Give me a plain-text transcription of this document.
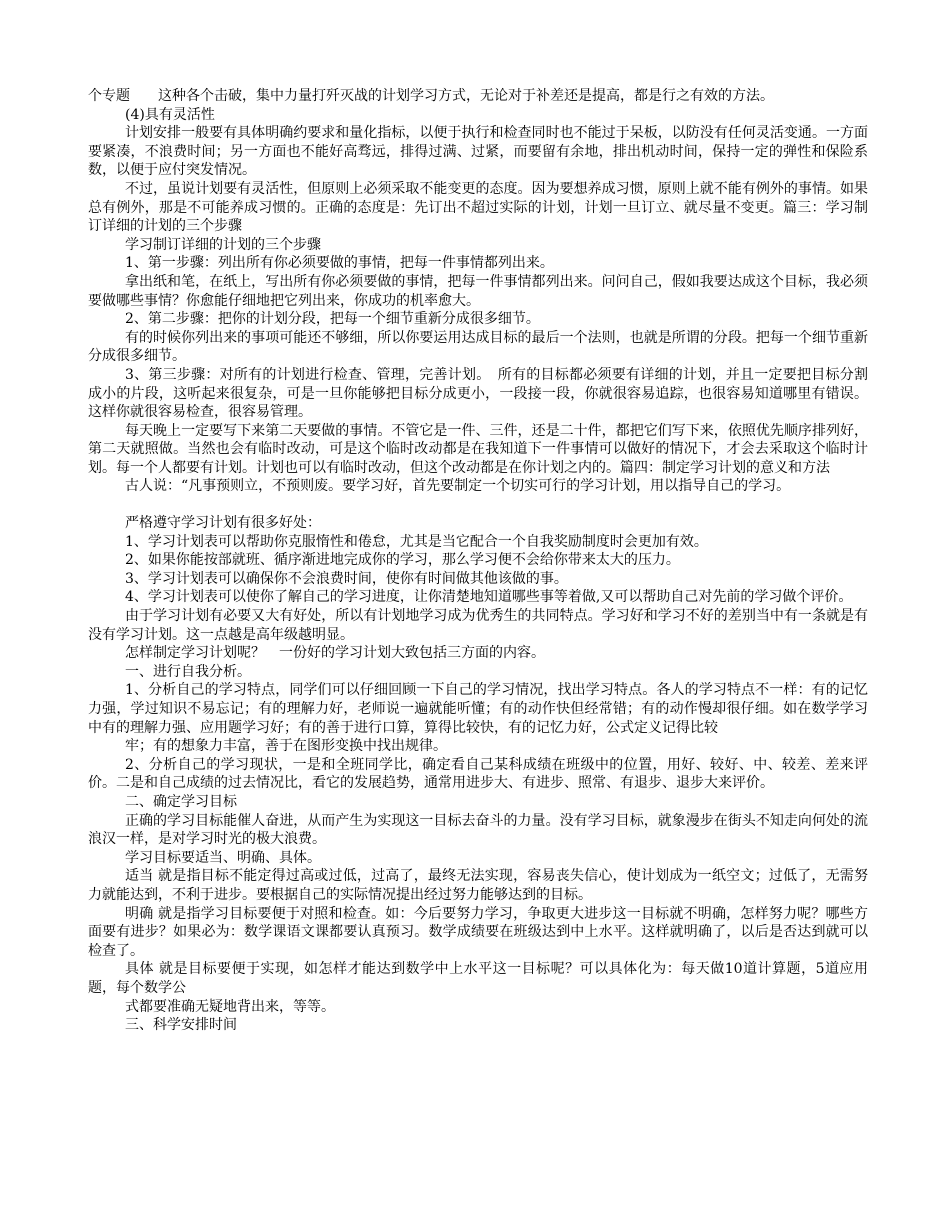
个专题　　这种各个击破，集中力量打歼灭战的计划学习方式，无论对于补差还是提高，都是行之有效的方法。

(4)具有灵活性

计划安排一般要有具体明确约要求和量化指标，以便于执行和检查同时也不能过于呆板，以防没有任何灵活变通。一方面要紧凑，不浪费时间；另一方面也不能好高骛远，排得过满、过紧，而要留有余地，排出机动时间，保持一定的弹性和保险系数，以便于应付突发情况。

不过，虽说计划要有灵活性，但原则上必须采取不能变更的态度。因为要想养成习惯，原则上就不能有例外的事情。如果总有例外，那是不可能养成习惯的。正确的态度是：先订出不超过实际的计划，计划一旦订立、就尽量不变更。篇三：学习制订详细的计划的三个步骤

学习制订详细的计划的三个步骤

1、第一步骤：列出所有你必须要做的事情，把每一件事情都列出来。

拿出纸和笔，在纸上，写出所有你必须要做的事情，把每一件事情都列出来。问问自己，假如我要达成这个目标，我必须要做哪些事情？你愈能仔细地把它列出来，你成功的机率愈大。

2、第二步骤：把你的计划分段，把每一个细节重新分成很多细节。

有的时候你列出来的事项可能还不够细，所以你要运用达成目标的最后一个法则，也就是所谓的分段。把每一个细节重新分成很多细节。

3、第三步骤：对所有的计划进行检查、管理，完善计划。　所有的目标都必须要有详细的计划，并且一定要把目标分割成小的片段，这听起来很复杂，可是一旦你能够把目标分成更小，一段接一段，你就很容易追踪，也很容易知道哪里有错误。这样你就很容易检查，很容易管理。

每天晚上一定要写下来第二天要做的事情。不管它是一件、三件，还是二十件，都把它们写下来，依照优先顺序排列好，第二天就照做。当然也会有临时改动，可是这个临时改动都是在我知道下一件事情可以做好的情况下，才会去采取这个临时计划。每一个人都要有计划。计划也可以有临时改动，但这个改动都是在你计划之内的。篇四：制定学习计划的意义和方法

古人说：“凡事预则立，不预则废。要学习好，首先要制定一个切实可行的学习计划，用以指导自己的学习。

严格遵守学习计划有很多好处：

1、学习计划表可以帮助你克服惰性和倦怠，尤其是当它配合一个自我奖励制度时会更加有效。

2、如果你能按部就班、循序渐进地完成你的学习，那么学习便不会给你带来太大的压力。

3、学习计划表可以确保你不会浪费时间，使你有时间做其他该做的事。

4、学习计划表可以使你了解自己的学习进度，让你清楚地知道哪些事等着做,又可以帮助自己对先前的学习做个评价。

由于学习计划有必要又大有好处，所以有计划地学习成为优秀生的共同特点。学习好和学习不好的差别当中有一条就是有没有学习计划。这一点越是高年级越明显。

怎样制定学习计划呢？　一份好的学习计划大致包括三方面的内容。

一、进行自我分析。

1、分析自己的学习特点，同学们可以仔细回顾一下自己的学习情况，找出学习特点。各人的学习特点不一样：有的记忆力强，学过知识不易忘记；有的理解力好，老师说一遍就能听懂；有的动作快但经常错；有的动作慢却很仔细。如在数学学习中有的理解力强、应用题学习好；有的善于进行口算，算得比较快，有的记忆力好，公式定义记得比较

牢；有的想象力丰富，善于在图形变换中找出规律。

2、分析自己的学习现状，一是和全班同学比，确定看自己某科成绩在班级中的位置，用好、较好、中、较差、差来评价。二是和自己成绩的过去情况比，看它的发展趋势，通常用进步大、有进步、照常、有退步、退步大来评价。

二、确定学习目标

正确的学习目标能催人奋进，从而产生为实现这一目标去奋斗的力量。没有学习目标，就象漫步在街头不知走向何处的流浪汉一样，是对学习时光的极大浪费。

学习目标要适当、明确、具体。

适当 就是指目标不能定得过高或过低，过高了，最终无法实现，容易丧失信心，使计划成为一纸空文；过低了，无需努力就能达到，不利于进步。要根据自己的实际情况提出经过努力能够达到的目标。

明确 就是指学习目标要便于对照和检查。如：今后要努力学习，争取更大进步这一目标就不明确，怎样努力呢？哪些方面要有进步？如果必为：数学课语文课都要认真预习。数学成绩要在班级达到中上水平。这样就明确了，以后是否达到就可以检查了。

具体 就是目标要便于实现，如怎样才能达到数学中上水平这一目标呢？可以具体化为：每天做10道计算题，5道应用题，每个数学公

式都要准确无疑地背出来，等等。

三、科学安排时间
